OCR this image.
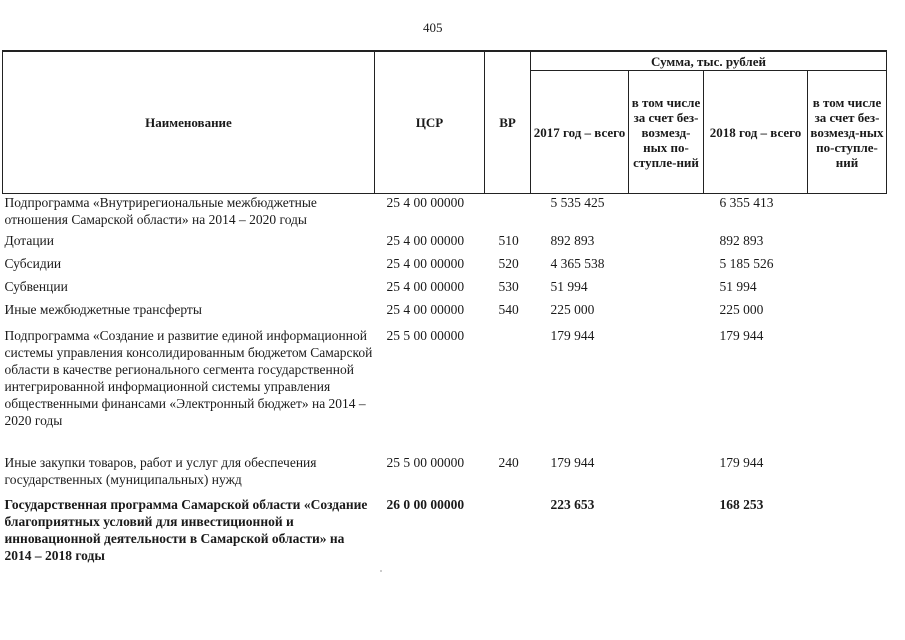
405
Наименование	ЦСР	ВР	Сумма, тыс. рублей			
			2017 год – всего	в том числе за счет без-возмезд-ных по-ступле-ний	2018 год – всего	в том числе за счет без-возмезд-ных по-ступле-ний
Подпрограмма «Внутрирегиональные межбюджетные отношения Самарской области» на 2014 – 2020 годы	25 4 00 00000		5 535 425		6 355 413	
Дотации	25 4 00 00000	510	892 893		892 893	
Субсидии	25 4 00 00000	520	4 365 538		5 185 526	
Субвенции	25 4 00 00000	530	51 994		51 994	
Иные межбюджетные трансферты	25 4 00 00000	540	225 000		225 000	
Подпрограмма «Создание и развитие единой информационной системы управления консолидированным бюджетом Самарской области в качестве регионального сегмента государственной интегрированной информационной системы управления общественными финансами «Электронный бюджет» на 2014 – 2020 годы	25 5 00 00000		179 944		179 944	
Иные закупки товаров, работ и услуг для обеспечения государственных (муниципальных) нужд	25 5 00 00000	240	179 944		179 944	
Государственная программа Самарской области «Создание благоприятных условий для инвестиционной и инновационной деятельности в Самарской области» на 2014 – 2018 годы	26 0 00 00000		223 653		168 253	
